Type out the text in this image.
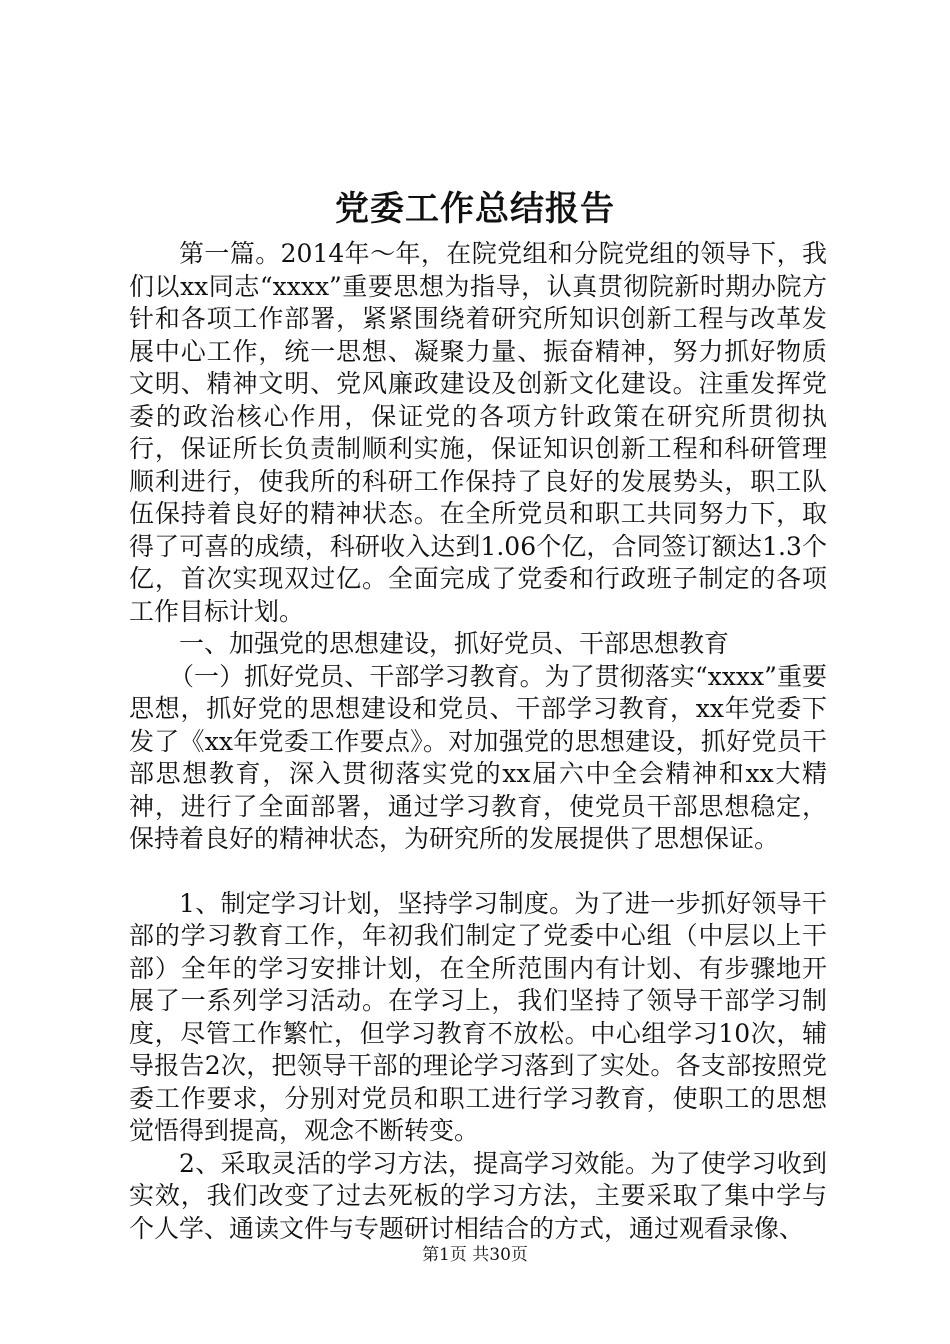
党委工作总结报告

第一篇。2014年～年，在院党组和分院党组的领导下，我们以xx同志“xxxx”重要思想为指导，认真贯彻院新时期办院方针和各项工作部署，紧紧围绕着研究所知识创新工程与改革发展中心工作，统一思想、凝聚力量、振奋精神，努力抓好物质文明、精神文明、党风廉政建设及创新文化建设。注重发挥党委的政治核心作用，保证党的各项方针政策在研究所贯彻执行，保证所长负责制顺利实施，保证知识创新工程和科研管理顺利进行，使我所的科研工作保持了良好的发展势头，职工队伍保持着良好的精神状态。在全所党员和职工共同努力下，取得了可喜的成绩，科研收入达到1.06个亿，合同签订额达1.3个亿，首次实现双过亿。全面完成了党委和行政班子制定的各项工作目标计划。

一、加强党的思想建设，抓好党员、干部思想教育

（一）抓好党员、干部学习教育。为了贯彻落实“xxxx”重要思想，抓好党的思想建设和党员、干部学习教育，xx年党委下发了《xx年党委工作要点》。对加强党的思想建设，抓好党员干部思想教育，深入贯彻落实党的xx届六中全会精神和xx大精神，进行了全面部署，通过学习教育，使党员干部思想稳定，保持着良好的精神状态，为研究所的发展提供了思想保证。

1、制定学习计划，坚持学习制度。为了进一步抓好领导干部的学习教育工作，年初我们制定了党委中心组（中层以上干部）全年的学习安排计划，在全所范围内有计划、有步骤地开展了一系列学习活动。在学习上，我们坚持了领导干部学习制度，尽管工作繁忙，但学习教育不放松。中心组学习10次，辅导报告2次，把领导干部的理论学习落到了实处。各支部按照党委工作要求，分别对党员和职工进行学习教育，使职工的思想觉悟得到提高，观念不断转变。

2、采取灵活的学习方法，提高学习效能。为了使学习收到实效，我们改变了过去死板的学习方法，主要采取了集中学与个人学、通读文件与专题研讨相结合的方式，通过观看录像、

第1页 共30页
